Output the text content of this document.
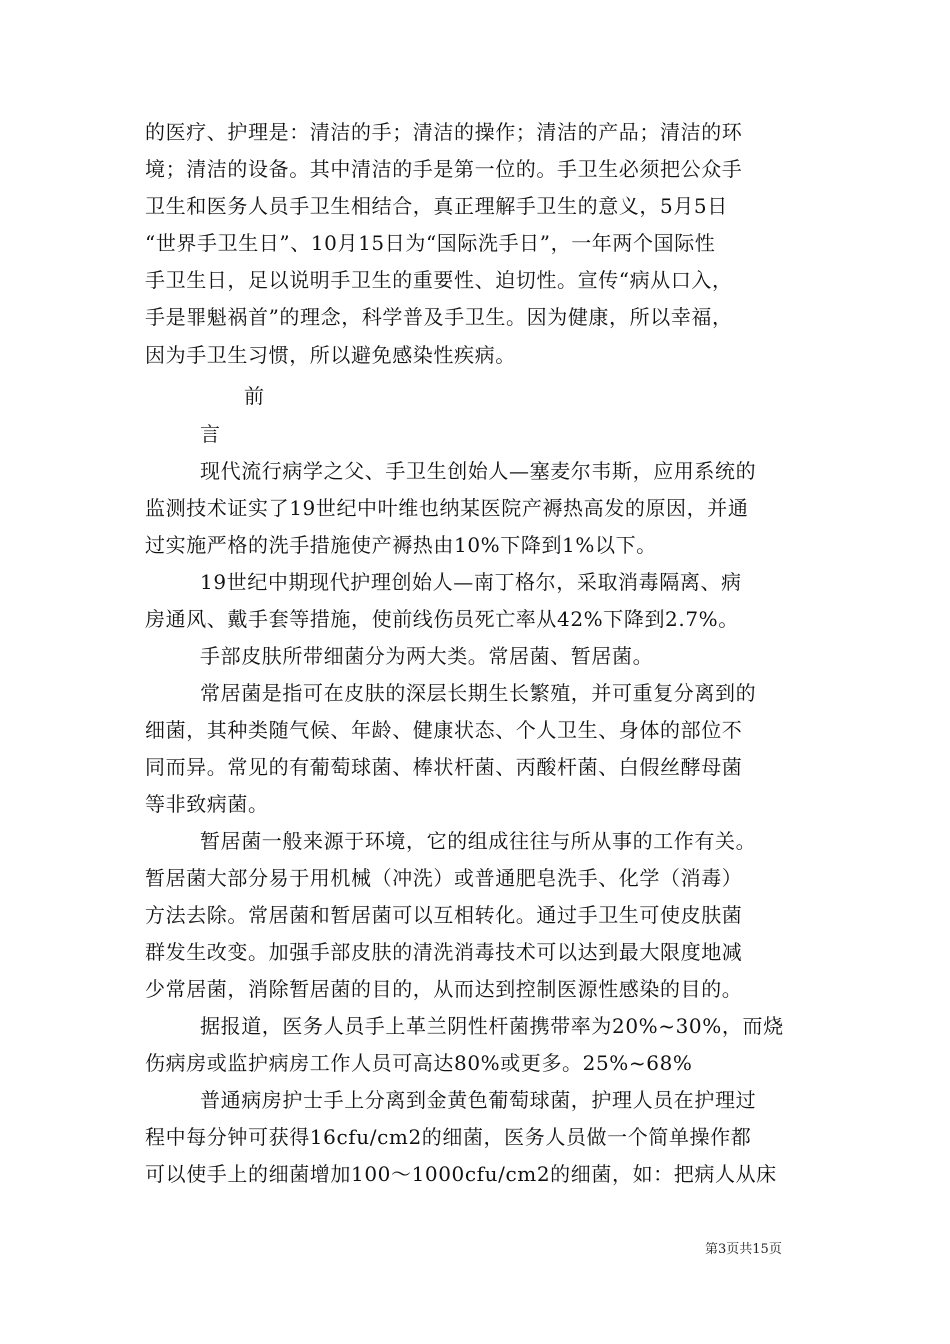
的医疗、护理是：清洁的手；清洁的操作；清洁的产品；清洁的环
境；清洁的设备。其中清洁的手是第一位的。手卫生必须把公众手
卫生和医务人员手卫生相结合，真正理解手卫生的意义，5月5日
“世界手卫生日”、10月15日为“国际洗手日”，一年两个国际性
手卫生日，足以说明手卫生的重要性、迫切性。宣传“病从口入，
手是罪魁祸首”的理念，科学普及手卫生。因为健康，所以幸福，
因为手卫生习惯，所以避免感染性疾病。
前
言
现代流行病学之父、手卫生创始人—塞麦尔韦斯，应用系统的
监测技术证实了19世纪中叶维也纳某医院产褥热高发的原因，并通
过实施严格的洗手措施使产褥热由10%下降到1%以下。
19世纪中期现代护理创始人—南丁格尔，采取消毒隔离、病
房通风、戴手套等措施，使前线伤员死亡率从42%下降到2.7%。
手部皮肤所带细菌分为两大类。常居菌、暂居菌。
常居菌是指可在皮肤的深层长期生长繁殖，并可重复分离到的
细菌，其种类随气候、年龄、健康状态、个人卫生、身体的部位不
同而异。常见的有葡萄球菌、棒状杆菌、丙酸杆菌、白假丝酵母菌
等非致病菌。
暂居菌一般来源于环境，它的组成往往与所从事的工作有关。
暂居菌大部分易于用机械（冲洗）或普通肥皂洗手、化学（消毒）
方法去除。常居菌和暂居菌可以互相转化。通过手卫生可使皮肤菌
群发生改变。加强手部皮肤的清洗消毒技术可以达到最大限度地减
少常居菌，消除暂居菌的目的，从而达到控制医源性感染的目的。
据报道，医务人员手上革兰阴性杆菌携带率为20%~30%，而烧
伤病房或监护病房工作人员可高达80%或更多。25%~68%
普通病房护士手上分离到金黄色葡萄球菌，护理人员在护理过
程中每分钟可获得16cfu/cm2的细菌，医务人员做一个简单操作都
可以使手上的细菌增加100～1000cfu/cm2的细菌，如：把病人从床
第3页共15页
